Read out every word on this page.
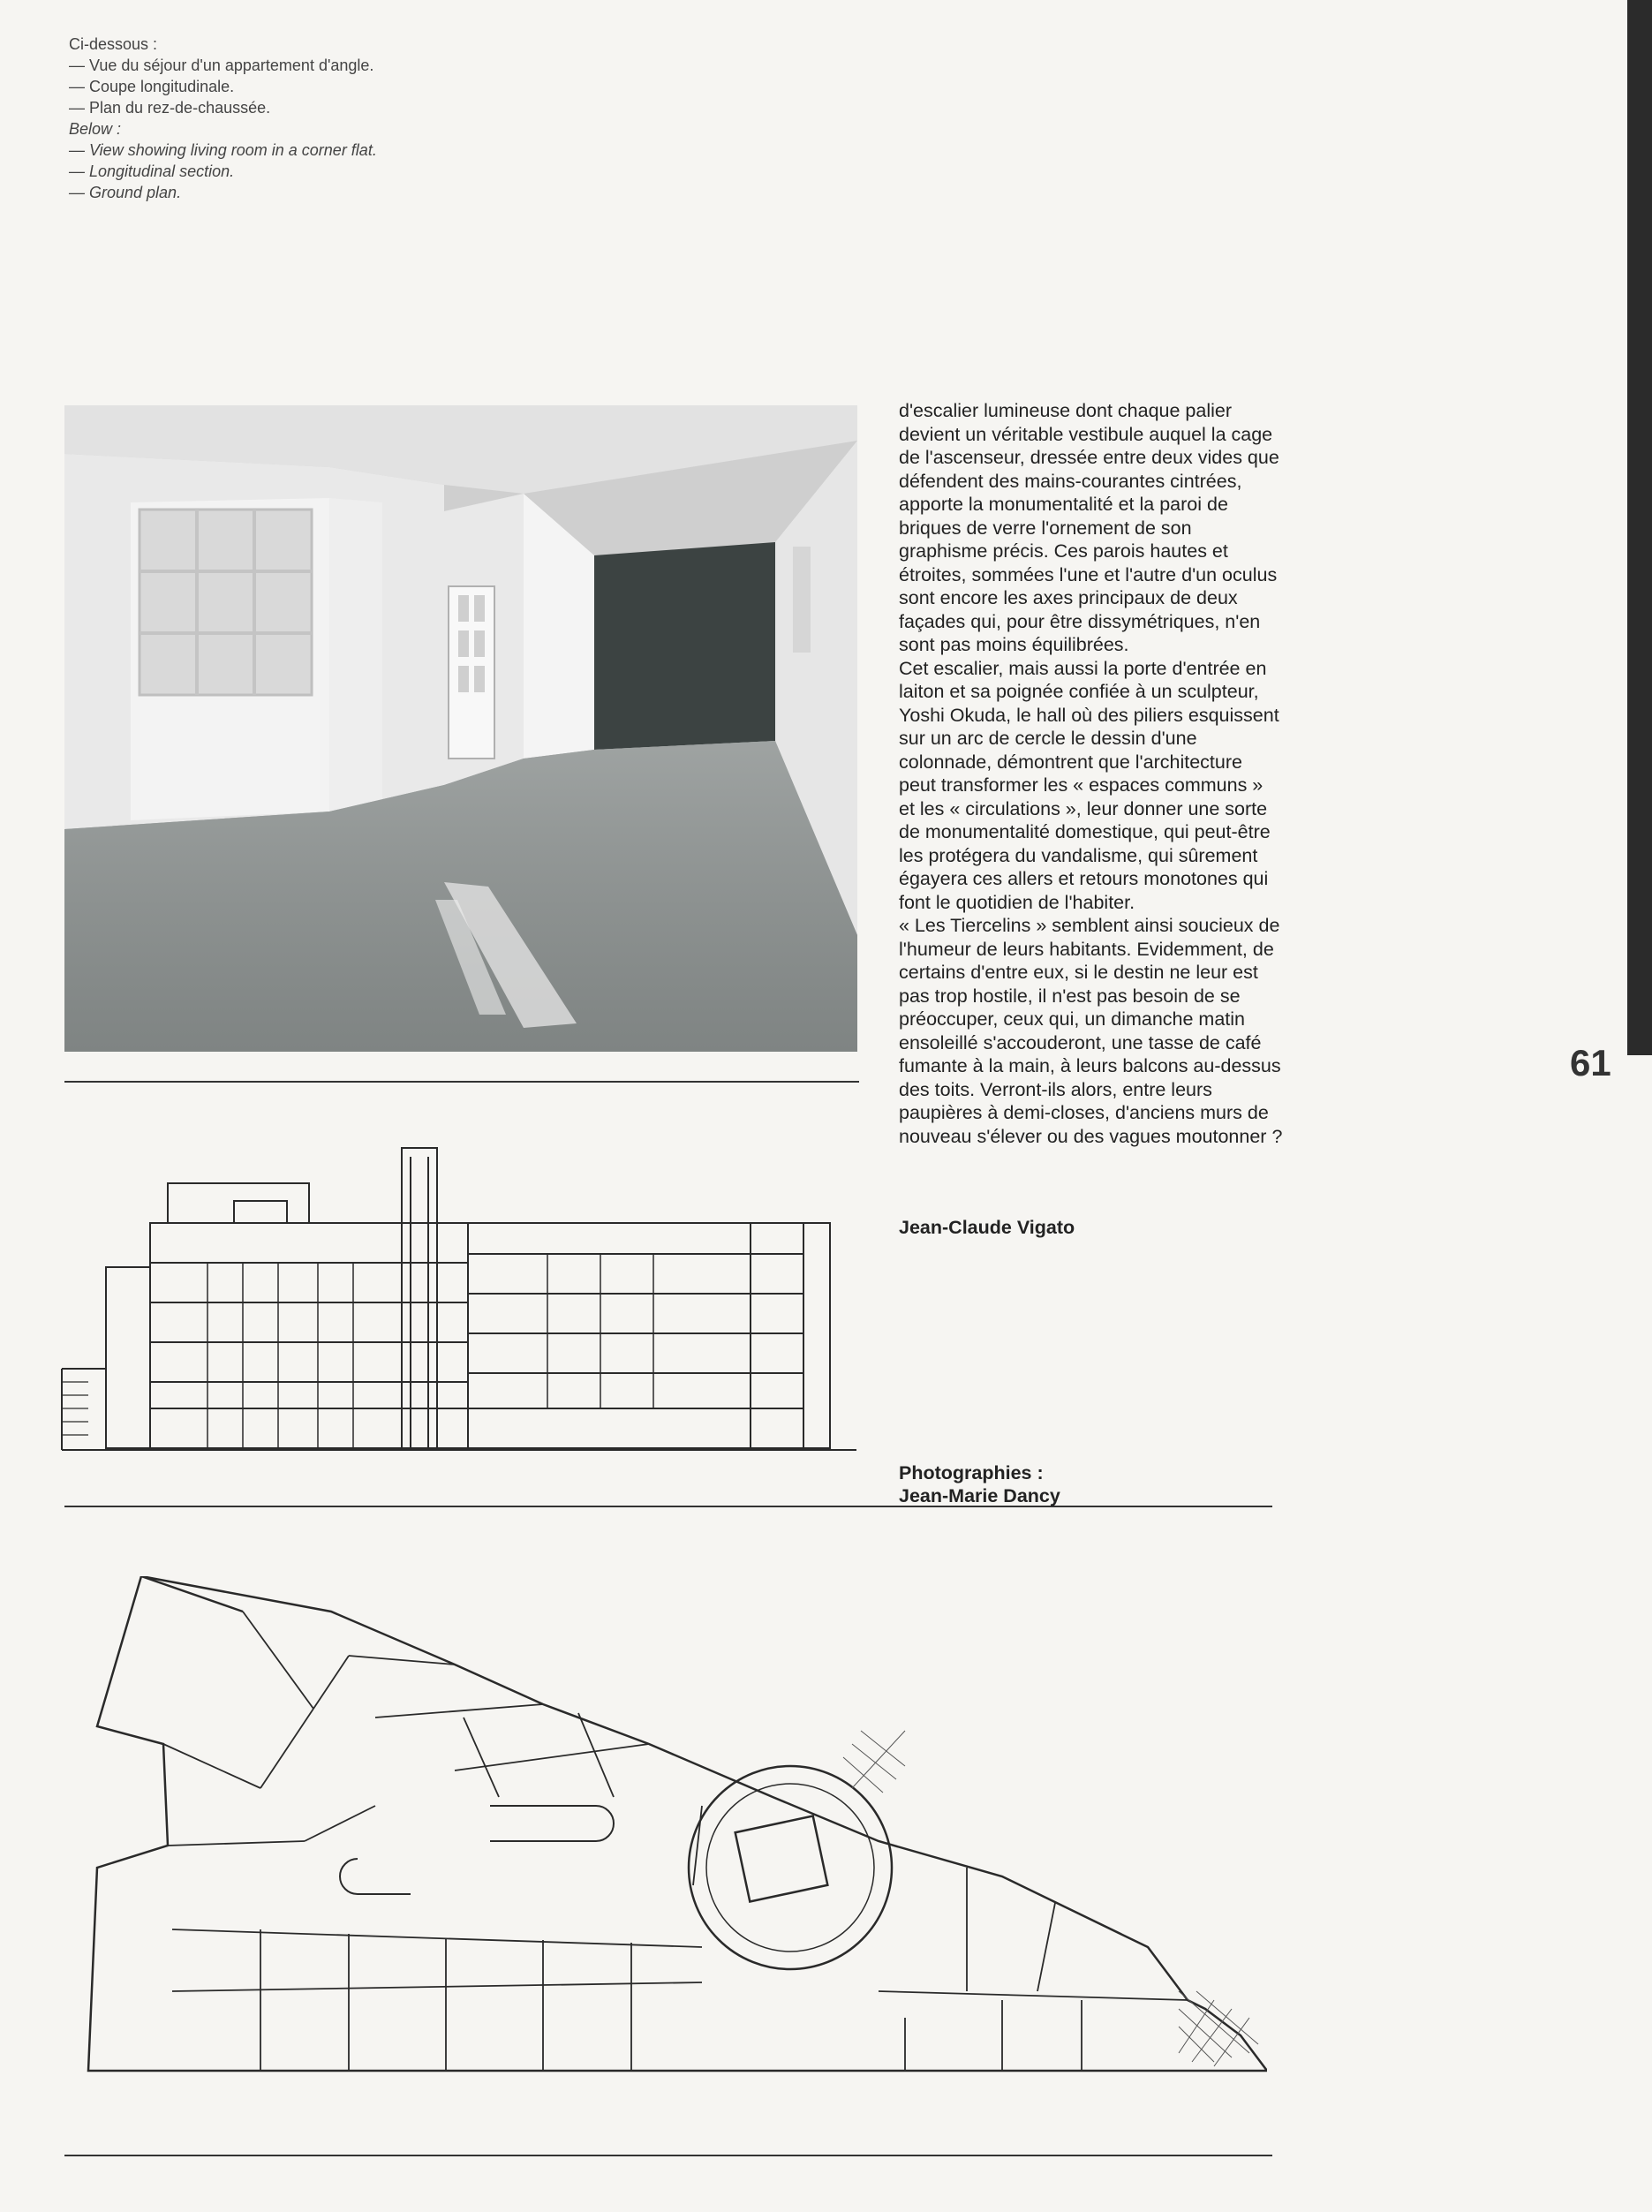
Ci-dessous :
— Vue du séjour d'un appartement d'angle.
— Coupe longitudinale.
— Plan du rez-de-chaussée.
Below :
— View showing living room in a corner flat.
— Longitudinal section.
— Ground plan.

d'escalier lumineuse dont chaque palier devient un véritable vestibule auquel la cage de l'ascenseur, dressée entre deux vides que défendent des mains-courantes cintrées, apporte la monumentalité et la paroi de briques de verre l'ornement de son graphisme précis. Ces parois hautes et étroites, sommées l'une et l'autre d'un oculus sont encore les axes principaux de deux façades qui, pour être dissymétriques, n'en sont pas moins équilibrées.

Cet escalier, mais aussi la porte d'entrée en laiton et sa poignée confiée à un sculpteur, Yoshi Okuda, le hall où des piliers esquissent sur un arc de cercle le dessin d'une colonnade, démontrent que l'architecture peut transformer les « espaces communs » et les « circulations », leur donner une sorte de monumentalité domestique, qui peut-être les protégera du vandalisme, qui sûrement égayera ces allers et retours monotones qui font le quotidien de l'habiter.

« Les Tiercelins » semblent ainsi soucieux de l'humeur de leurs habitants. Evidemment, de certains d'entre eux, si le destin ne leur est pas trop hostile, il n'est pas besoin de se préoccuper, ceux qui, un dimanche matin ensoleillé s'accouderont, une tasse de café fumante à la main, à leurs balcons au-dessus des toits. Verront-ils alors, entre leurs paupières à demi-closes, d'anciens murs de nouveau s'élever ou des vagues moutonner ?

Jean-Claude Vigato
61
Photographies :
Jean-Marie Dancy
